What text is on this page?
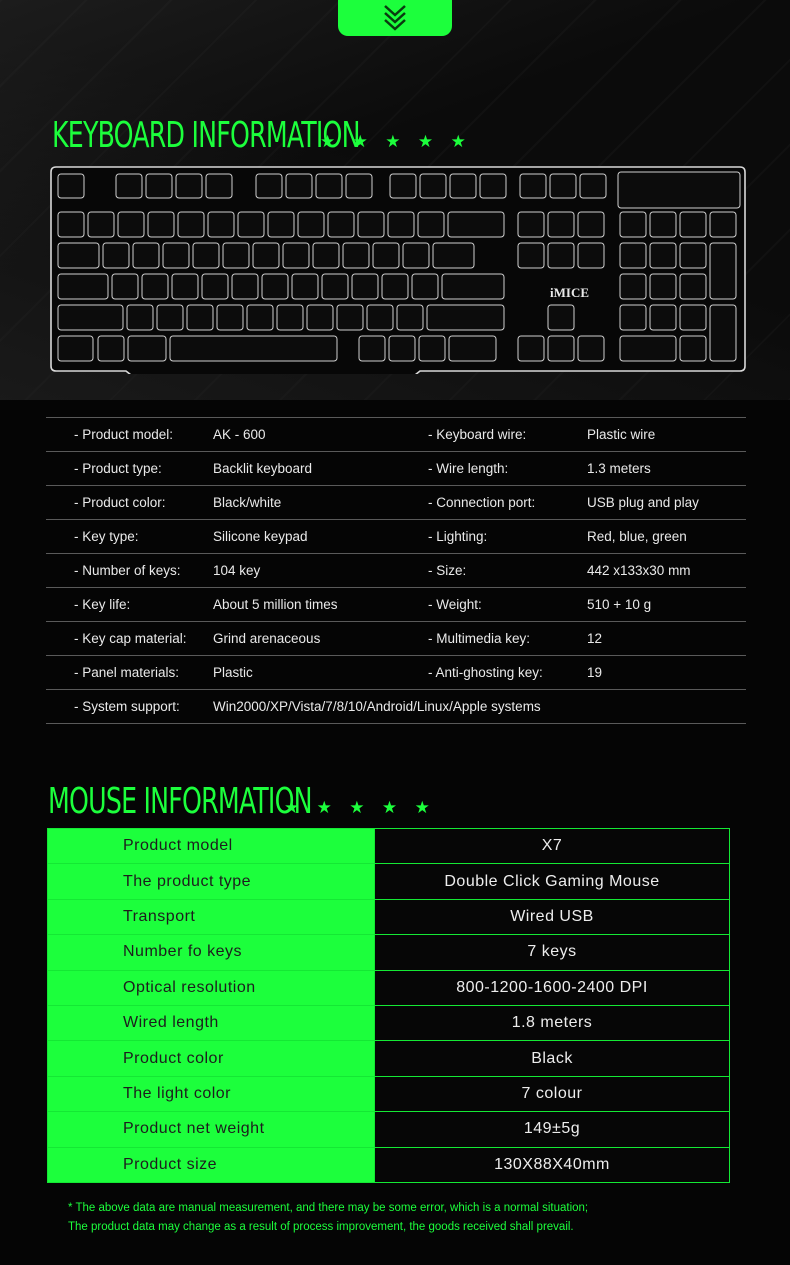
KEYBOARD INFORMATION
★ ★ ★ ★ ★
iMICE
- Product model:	AK - 600	- Keyboard wire:	Plastic wire
- Product type:	Backlit keyboard	- Wire length:	1.3 meters
- Product color:	Black/white	- Connection port:	USB plug and play
- Key type:	Silicone keypad	- Lighting:	Red, blue, green
- Number of keys: 104 key	- Size:	442 x133x30 mm
- Key life:	About 5 million times	- Weight:	510 + 10 g
- Key cap material: Grind arenaceous	- Multimedia key:	12
- Panel materials:	Plastic	- Anti-ghosting key:	19
- System support: Win2000/XP/Vista/7/8/10/Android/Linux/Apple systems
MOUSE INFORMATION
★ ★ ★ ★ ★
Product model	X7
The product type	Double Click Gaming Mouse
Transport	Wired USB
Number fo keys	7 keys
Optical resolution	800-1200-1600-2400 DPI
Wired length	1.8 meters
Product color	Black
The light color	7 colour
Product net weight	149±5g
Product size	130X88X40mm
* The above data are manual measurement, and there may be some error, which is a normal situation;
The product data may change as a result of process improvement, the goods received shall prevail.
